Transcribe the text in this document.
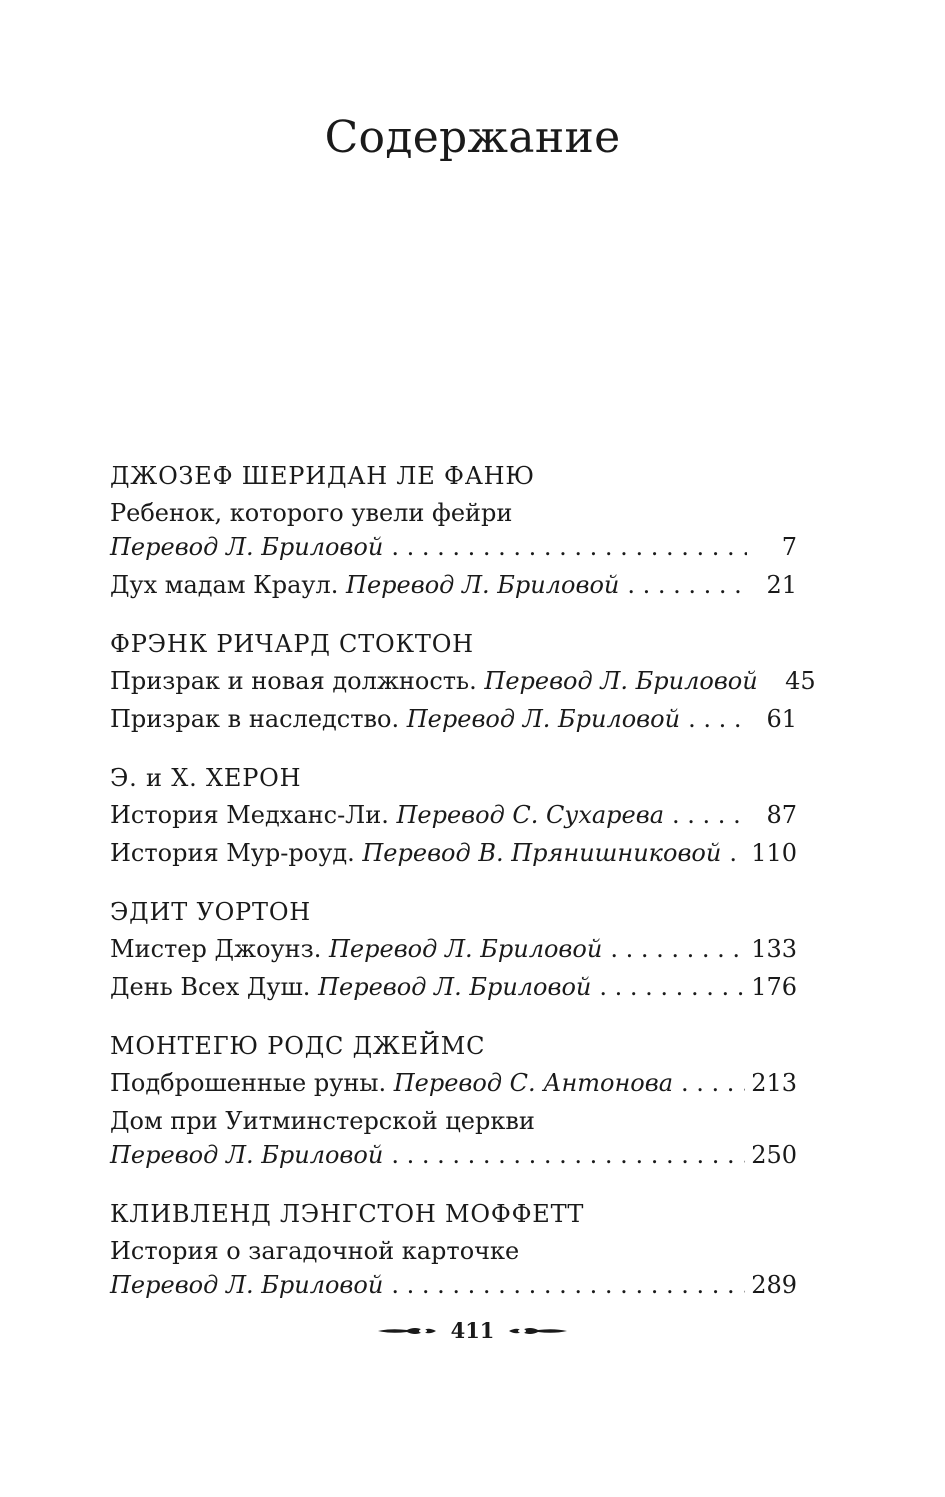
Содержание
ДЖОЗЕФ ШЕРИДАН ЛЕ ФАНЮ
Ребенок, которого увели фейри
Перевод Л. Бриловой . . .	7
Дух мадам Краул. Перевод Л. Бриловой . . .	21
ФРЭНК РИЧАРД СТОКТОН
Призрак и новая должность. Перевод Л. Бриловой	45
Призрак в наследство. Перевод Л. Бриловой . . .	61
Э. и Х. ХЕРОН
История Медханс-Ли. Перевод С. Сухарева . . .	87
История Мур-роуд. Перевод В. Прянишниковой . . . 110
ЭДИТ УОРТОН
Мистер Джоунз. Перевод Л. Бриловой . . .	133
День Всех Душ. Перевод Л. Бриловой . . .	176
МОНТЕГЮ РОДС ДЖЕЙМС
Подброшенные руны. Перевод С. Антонова . . .	213
Дом при Уитминстерской церкви
Перевод Л. Бриловой . . .	250
КЛИВЛЕНД ЛЭНГСТОН МОФФЕТТ
История о загадочной карточке
Перевод Л. Бриловой . . .	289
411
